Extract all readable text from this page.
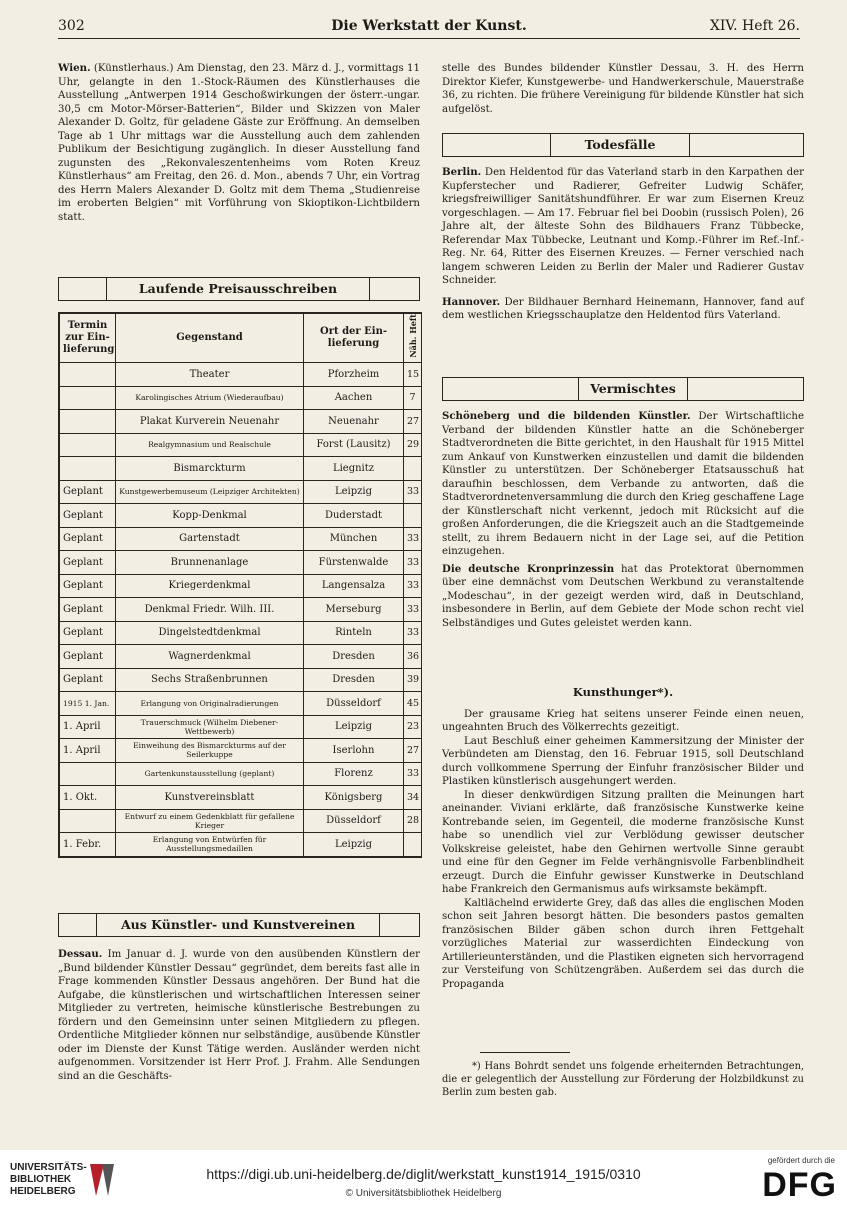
302	Die Werkstatt der Kunst.	XIV. Heft 26.

Wien. (Künstlerhaus.) Am Dienstag, den 23. März d. J., vormittags 11 Uhr, gelangte in den 1.-Stock-Räumen des Künstlerhauses die Ausstellung „Antwerpen 1914 Geschoßwirkungen der österr.-ungar. 30,5 cm Motor-Mörser-Batterien“, Bilder und Skizzen von Maler Alexander D. Goltz, für geladene Gäste zur Eröffnung. An demselben Tage ab 1 Uhr mittags war die Ausstellung auch dem zahlenden Publikum der Besichtigung zugänglich. In dieser Ausstellung fand zugunsten des „Rekonvaleszentenheims vom Roten Kreuz Künstlerhaus“ am Freitag, den 26. d. Mon., abends 7 Uhr, ein Vortrag des Herrn Malers Alexander D. Goltz mit dem Thema „Studienreise im eroberten Belgien“ mit Vorführung von Skioptikon-Lichtbildern statt.

Laufende Preisausschreiben
Termin zur Ein-lieferung	Gegenstand	Ort der Ein-lieferung	Näh. Heft
	Theater	Pforzheim	15
	Karolingisches Atrium (Wiederaufbau)	Aachen	7
	Plakat Kurverein Neuenahr	Neuenahr	27
	Realgymnasium und Realschule	Forst (Lausitz)	29
	Bismarckturm	Liegnitz	
Geplant	Kunstgewerbemuseum (Leipziger Architekten)	Leipzig	33
Geplant	Kopp-Denkmal	Duderstadt	
Geplant	Gartenstadt	München	33
Geplant	Brunnenanlage	Fürstenwalde	33
Geplant	Kriegerdenkmal	Langensalza	33
Geplant	Denkmal Friedr. Wilh. III.	Merseburg	33
Geplant	Dingelstedtdenkmal	Rinteln	33
Geplant	Wagnerdenkmal	Dresden	36
Geplant	Sechs Straßenbrunnen	Dresden	39
1915 1. Jan.	Erlangung von Originalradierungen	Düsseldorf	45
1. April	Trauerschmuck (Wilhelm Diebener-Wettbewerb)	Leipzig	23
1. April	Einweihung des Bismarckturms auf der Seilerkuppe	Iserlohn	27
	Gartenkunstausstellung (geplant)	Florenz	33
1. Okt.	Kunstvereinsblatt	Königsberg	34
	Entwurf zu einem Gedenkblatt für gefallene Krieger	Düsseldorf	28
1. Febr.	Erlangung von Entwürfen für Ausstellungsmedaillen	Leipzig	
Aus Künstler- und Kunstvereinen

Dessau. Im Januar d. J. wurde von den ausübenden Künstlern der „Bund bildender Künstler Dessau“ gegründet, dem bereits fast alle in Frage kommenden Künstler Dessaus angehören. Der Bund hat die Aufgabe, die künstlerischen und wirtschaftlichen Interessen seiner Mitglieder zu vertreten, heimische künstlerische Bestrebungen zu fördern und den Gemeinsinn unter seinen Mitgliedern zu pflegen. Ordentliche Mitglieder können nur selbständige, ausübende Künstler oder im Dienste der Kunst Tätige werden. Ausländer werden nicht aufgenommen. Vorsitzender ist Herr Prof. J. Frahm. Alle Sendungen sind an die Geschäfts-

stelle des Bundes bildender Künstler Dessau, 3. H. des Herrn Direktor Kiefer, Kunstgewerbe- und Handwerkerschule, Mauerstraße 36, zu richten. Die frühere Vereinigung für bildende Künstler hat sich aufgelöst.

Todesfälle

Berlin. Den Heldentod für das Vaterland starb in den Karpathen der Kupferstecher und Radierer, Gefreiter Ludwig Schäfer, kriegsfreiwilliger Sanitätshundführer. Er war zum Eisernen Kreuz vorgeschlagen. — Am 17. Februar fiel bei Doobin (russisch Polen), 26 Jahre alt, der älteste Sohn des Bildhauers Franz Tübbecke, Referendar Max Tübbecke, Leutnant und Komp.-Führer im Ref.-Inf.-Reg. Nr. 64, Ritter des Eisernen Kreuzes. — Ferner verschied nach langem schweren Leiden zu Berlin der Maler und Radierer Gustav Schneider.

Hannover. Der Bildhauer Bernhard Heinemann, Hannover, fand auf dem westlichen Kriegsschauplatze den Heldentod fürs Vaterland.

Vermischtes

Schöneberg und die bildenden Künstler. Der Wirtschaftliche Verband der bildenden Künstler hatte an die Schöneberger Stadtverordneten die Bitte gerichtet, in den Haushalt für 1915 Mittel zum Ankauf von Kunstwerken einzustellen und damit die bildenden Künstler zu unterstützen. Der Schöneberger Etatsausschuß hat daraufhin beschlossen, dem Verbande zu antworten, daß die Stadtverordnetenversammlung die durch den Krieg geschaffene Lage der Künstlerschaft nicht verkennt, jedoch mit Rücksicht auf die großen Anforderungen, die die Kriegszeit auch an die Stadtgemeinde stellt, zu ihrem Bedauern nicht in der Lage sei, auf die Petition einzugehen.

Die deutsche Kronprinzessin hat das Protektorat übernommen über eine demnächst vom Deutschen Werkbund zu veranstaltende „Modeschau“, in der gezeigt werden wird, daß in Deutschland, insbesondere in Berlin, auf dem Gebiete der Mode schon recht viel Selbständiges und Gutes geleistet werden kann.

Kunsthunger*).

Der grausame Krieg hat seitens unserer Feinde einen neuen, ungeahnten Bruch des Völkerrechts gezeitigt.

Laut Beschluß einer geheimen Kammersitzung der Minister der Verbündeten am Dienstag, den 16. Februar 1915, soll Deutschland durch vollkommene Sperrung der Einfuhr französischer Bilder und Plastiken künstlerisch ausgehungert werden.

In dieser denkwürdigen Sitzung prallten die Meinungen hart aneinander. Viviani erklärte, daß französische Kunstwerke keine Kontrebande seien, im Gegenteil, die moderne französische Kunst habe so unendlich viel zur Verblödung gewisser deutscher Volkskreise geleistet, habe den Gehirnen wertvolle Sinne geraubt und eine für den Gegner im Felde verhängnisvolle Farbenblindheit erzeugt. Durch die Einfuhr gewisser Kunstwerke in Deutschland habe Frankreich den Germanismus aufs wirksamste bekämpft.

Kaltlächelnd erwiderte Grey, daß das alles die englischen Moden schon seit Jahren besorgt hätten. Die besonders pastos gemalten französischen Bilder gäben schon durch ihren Fettgehalt vorzügliches Material zur wasserdichten Eindeckung von Artillerieunterständen, und die Plastiken eigneten sich hervorragend zur Versteifung von Schützengräben. Außerdem sei das durch die Propaganda

*) Hans Bohrdt sendet uns folgende erheiternden Betrachtungen, die er gelegentlich der Ausstellung zur Förderung der Holzbildkunst zu Berlin zum besten gab.

UNIVERSITÄTS-
BIBLIOTHEK
HEIDELBERG
https://digi.ub.uni-heidelberg.de/diglit/werkstatt_kunst1914_1915/0310
© Universitätsbibliothek Heidelberg
gefördert durch die
DFG
